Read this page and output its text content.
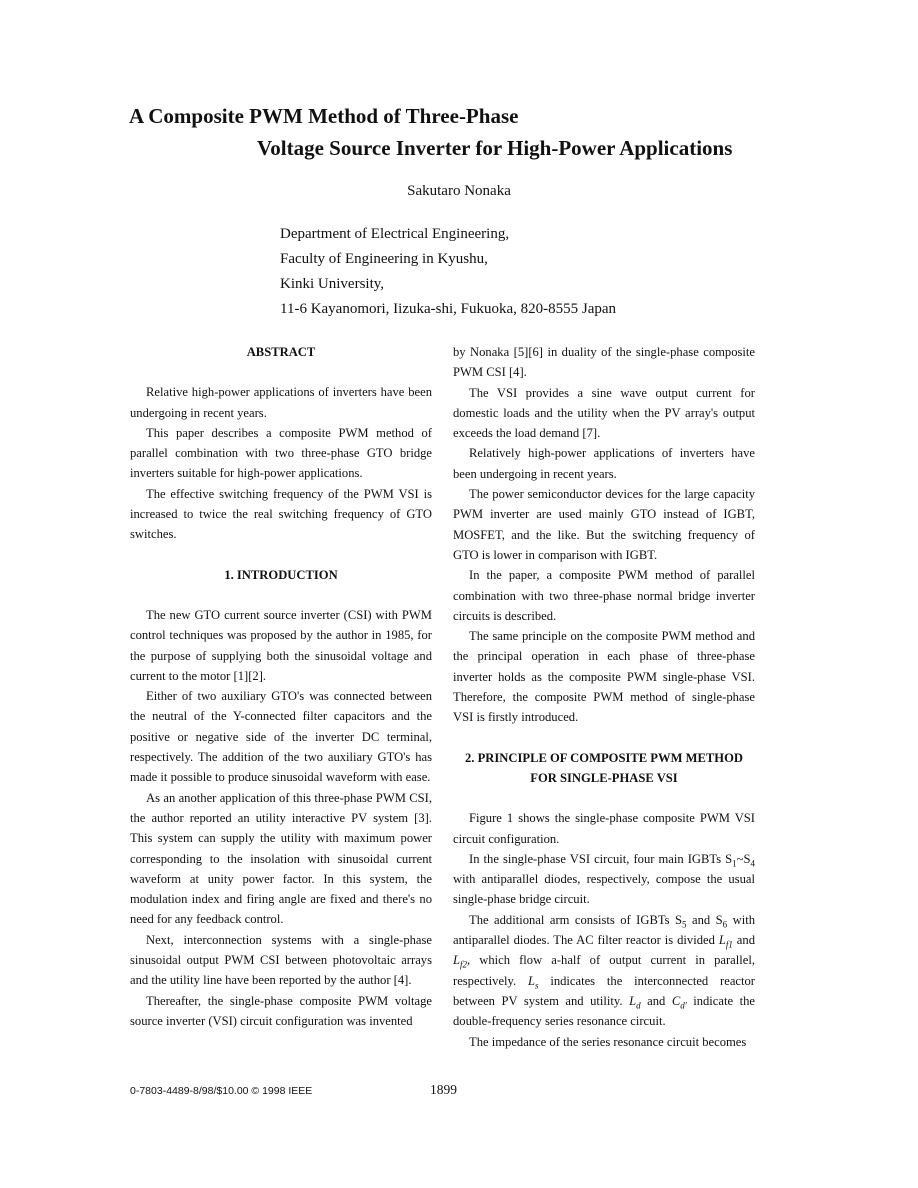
A Composite PWM Method of Three-Phase
Voltage Source Inverter for High-Power Applications
Sakutaro Nonaka
Department of Electrical Engineering,
Faculty of Engineering in Kyushu,
Kinki University,
11-6 Kayanomori, Iizuka-shi, Fukuoka, 820-8555 Japan
ABSTRACT

Relative high-power applications of inverters have been undergoing in recent years.

This paper describes a composite PWM method of parallel combination with two three-phase GTO bridge inverters suitable for high-power applications.

The effective switching frequency of the PWM VSI is increased to twice the real switching frequency of GTO switches.

1. INTRODUCTION

The new GTO current source inverter (CSI) with PWM control techniques was proposed by the author in 1985, for the purpose of supplying both the sinusoidal voltage and current to the motor [1][2].

Either of two auxiliary GTO's was connected between the neutral of the Y-connected filter capacitors and the positive or negative side of the inverter DC terminal, respectively. The addition of the two auxiliary GTO's has made it possible to produce sinusoidal waveform with ease.

As an another application of this three-phase PWM CSI, the author reported an utility interactive PV system [3]. This system can supply the utility with maximum power corresponding to the insolation with sinusoidal current waveform at unity power factor. In this system, the modulation index and firing angle are fixed and there's no need for any feedback control.

Next, interconnection systems with a single-phase sinusoidal output PWM CSI between photovoltaic arrays and the utility line have been reported by the author [4].

Thereafter, the single-phase composite PWM voltage source inverter (VSI) circuit configuration was invented

by Nonaka [5][6] in duality of the single-phase composite PWM CSI [4].

The VSI provides a sine wave output current for domestic loads and the utility when the PV array's output exceeds the load demand [7].

Relatively high-power applications of inverters have been undergoing in recent years.

The power semiconductor devices for the large capacity PWM inverter are used mainly GTO instead of IGBT, MOSFET, and the like. But the switching frequency of GTO is lower in comparison with IGBT.

In the paper, a composite PWM method of parallel combination with two three-phase normal bridge inverter circuits is described.

The same principle on the composite PWM method and the principal operation in each phase of three-phase inverter holds as the composite PWM single-phase VSI. Therefore, the composite PWM method of single-phase VSI is firstly introduced.

2. PRINCIPLE OF COMPOSITE PWM METHOD
FOR SINGLE-PHASE VSI

Figure 1 shows the single-phase composite PWM VSI circuit configuration.

In the single-phase VSI circuit, four main IGBTs $S_1\sim S_4$ with antiparallel diodes, respectively, compose the usual single-phase bridge circuit.

The additional arm consists of IGBTs $S_5$ and $S_6$ with antiparallel diodes. The AC filter reactor is divided $L_{f1}$ and $L_{f2}$, which flow a-half of output current in parallel, respectively. $L_s$ indicates the interconnected reactor between PV system and utility. $L_d$ and $C_{d'}$ indicate the double-frequency series resonance circuit.

The impedance of the series resonance circuit becomes

0-7803-4489-8/98/$10.00 © 1998 IEEE	1899
